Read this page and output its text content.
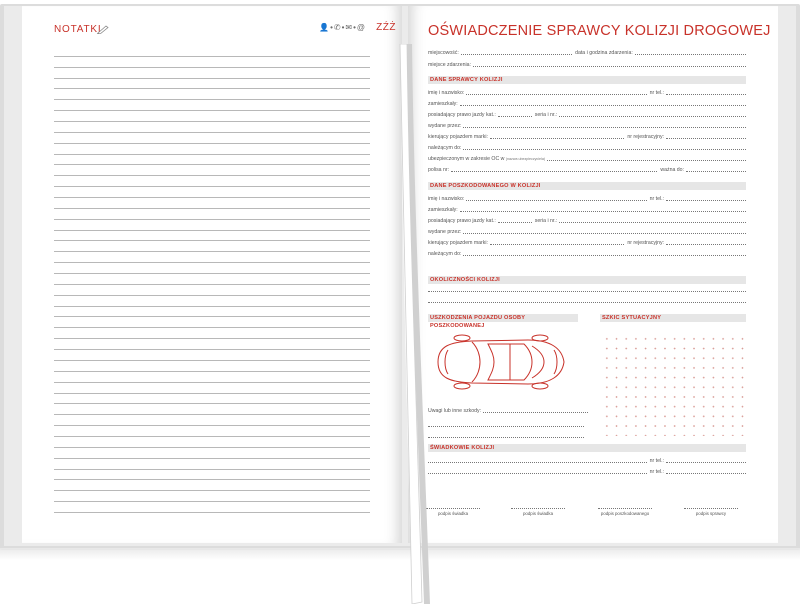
NOTATKI	👤•✆•✉•@ ZŹŻ OŚWIADCZENIE SPRAWCY KOLIZJI DROGOWEJ
miejscowość:	data i godzina zdarzenia:
miejsce zdarzenia:
DANE SPRAWCY KOLIZJI
imię i nazwisko:	nr tel.:
zamieszkały:
posiadający prawo jazdy kat.:	seria i nr.:
wydane przez:
kierujący pojazdem marki:	nr rejestracyjny:
należącym do:
ubezpieczonym w zakresie OC w (nazwa ubezpieczyciela)
polisa nr:	ważna do:
DANE POSZKODOWANEGO W KOLIZJI
imię i nazwisko:	nr tel.:
zamieszkały:
posiadający prawo jazdy kat.:	seria i nr.:
wydane przez:
kierujący pojazdem marki:	nr rejestracyjny:
należącym do:
OKOLICZNOŚCI KOLIZJI
USZKODZENIA POJAZDU OSOBY POSZKODOWANEJ
SZKIC SYTUACYJNY
Uwagi lub inne szkody:
ŚWIADKOWIE KOLIZJI
nr tel.:
nr tel.:
podpis świadka	podpis świadka	podpis poszkodowanego	podpis sprawcy
